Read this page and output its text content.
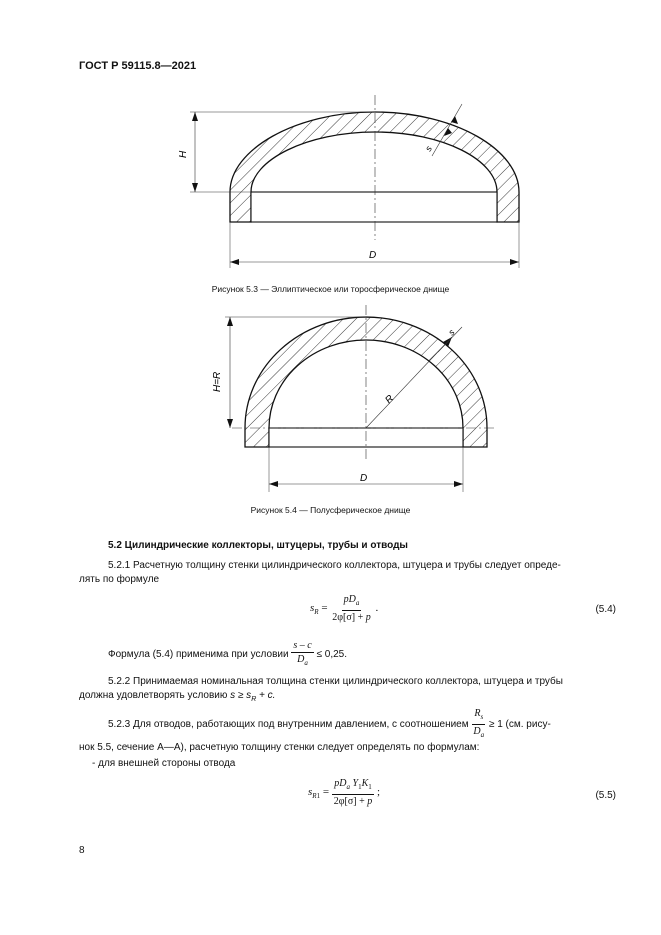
ГОСТ Р 59115.8—2021
H
s
D
Рисунок 5.3 — Эллиптическое или торосферическое днище
H=R
R
s
D
Рисунок 5.4 — Полусферическое днище
5.2 Цилиндрические коллекторы, штуцеры, трубы и отводы
5.2.1 Расчетную толщину стенки цилиндрического коллектора, штуцера и трубы следует опреде-
лять по формуле
$s_R = \frac{pD_a}{2\varphi[\sigma] + p}$ .	(5.4)
Формула (5.4) применима при условии $\frac{s - c}{D_a} \le 0,25$.
5.2.2 Принимаемая номинальная толщина стенки цилиндрического коллектора, штуцера и трубы
должна удовлетворять условию $s \ge s_R + c$.
5.2.3 Для отводов, работающих под внутренним давлением, с соотношением $\frac{R_s}{D_a} \ge 1$ (см. рису-
нок 5.5, сечение А—А), расчетную толщину стенки следует определять по формулам:
- для внешней стороны отвода
$s_{R1} = \frac{pD_a Y_1K_1}{2\varphi[\sigma] + p}$ ;	(5.5)
8
